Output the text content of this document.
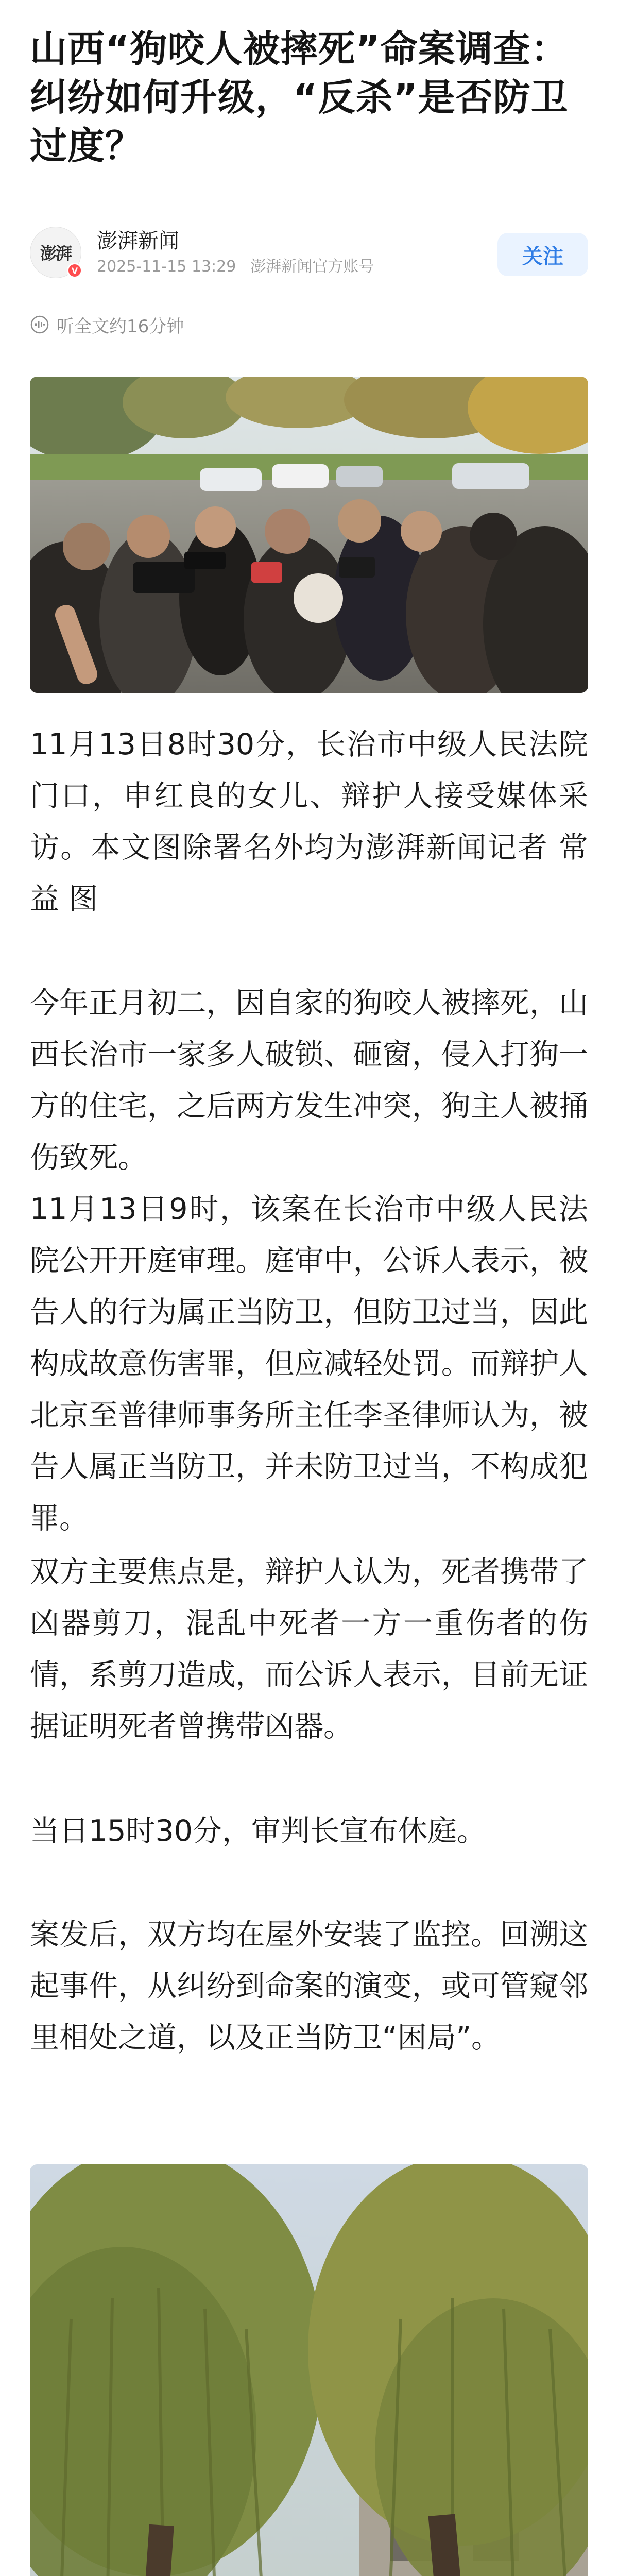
山西“狗咬人被摔死”命案调查：纠纷如何升级，“反杀”是否防卫过度？
澎湃
V
澎湃新闻
2025-11-15 13:29 澎湃新闻官方账号	关注
听全文约16分钟

11月13日8时30分，长治市中级人民法院门口，申红良的女儿、辩护人接受媒体采访。本文图除署名外均为澎湃新闻记者 常益 图

今年正月初二，因自家的狗咬人被摔死，山西长治市一家多人破锁、砸窗，侵入打狗一方的住宅，之后两方发生冲突，狗主人被捅伤致死。

11月13日9时，该案在长治市中级人民法院公开开庭审理。庭审中，公诉人表示，被告人的行为属正当防卫，但防卫过当，因此构成故意伤害罪，但应减轻处罚。而辩护人北京至普律师事务所主任李圣律师认为，被告人属正当防卫，并未防卫过当，不构成犯罪。

双方主要焦点是，辩护人认为，死者携带了凶器剪刀，混乱中死者一方一重伤者的伤情，系剪刀造成，而公诉人表示，目前无证据证明死者曾携带凶器。

当日15时30分，审判长宣布休庭。

案发后，双方均在屋外安装了监控。回溯这起事件，从纠纷到命案的演变，或可管窥邻里相处之道，以及正当防卫“困局”。
